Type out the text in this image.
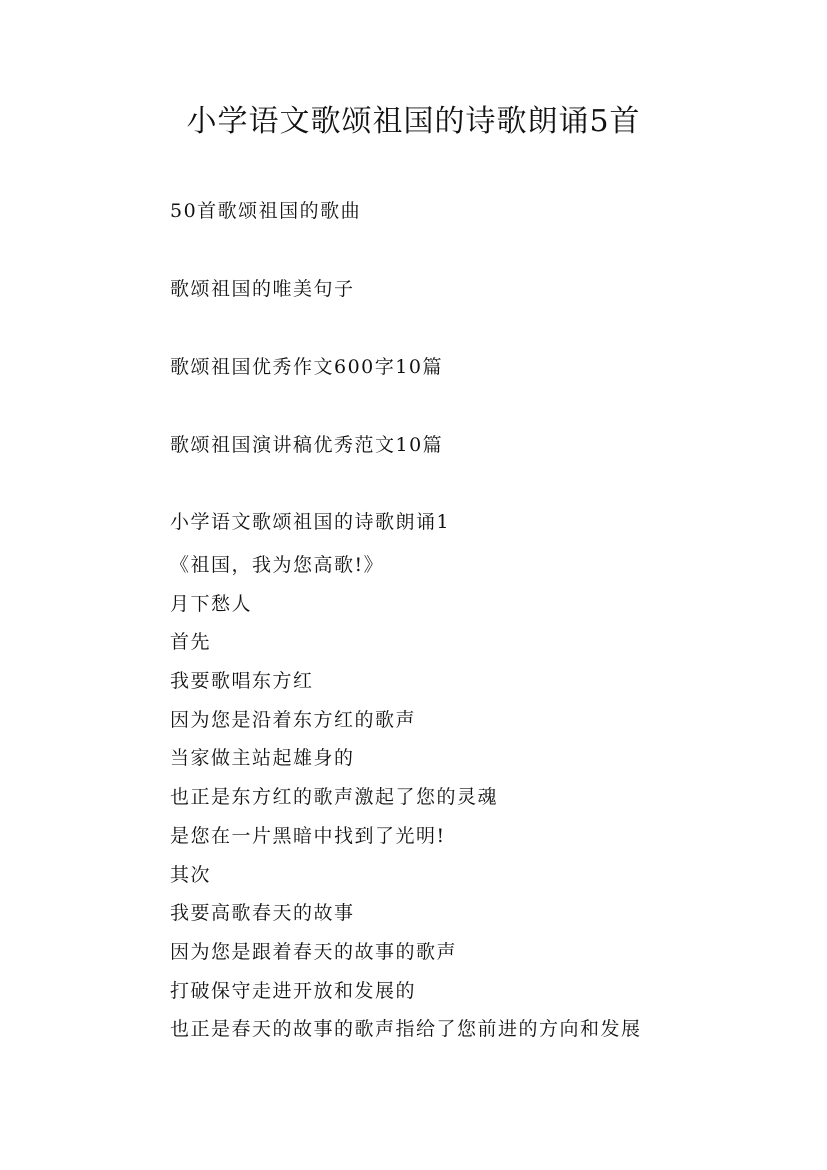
小学语文歌颂祖国的诗歌朗诵5首
50首歌颂祖国的歌曲
歌颂祖国的唯美句子
歌颂祖国优秀作文600字10篇
歌颂祖国演讲稿优秀范文10篇
小学语文歌颂祖国的诗歌朗诵1
《祖国，我为您高歌!》
月下愁人
首先
我要歌唱东方红
因为您是沿着东方红的歌声
当家做主站起雄身的
也正是东方红的歌声激起了您的灵魂
是您在一片黑暗中找到了光明!
其次
我要高歌春天的故事
因为您是跟着春天的故事的歌声
打破保守走进开放和发展的
也正是春天的故事的歌声指给了您前进的方向和发展
